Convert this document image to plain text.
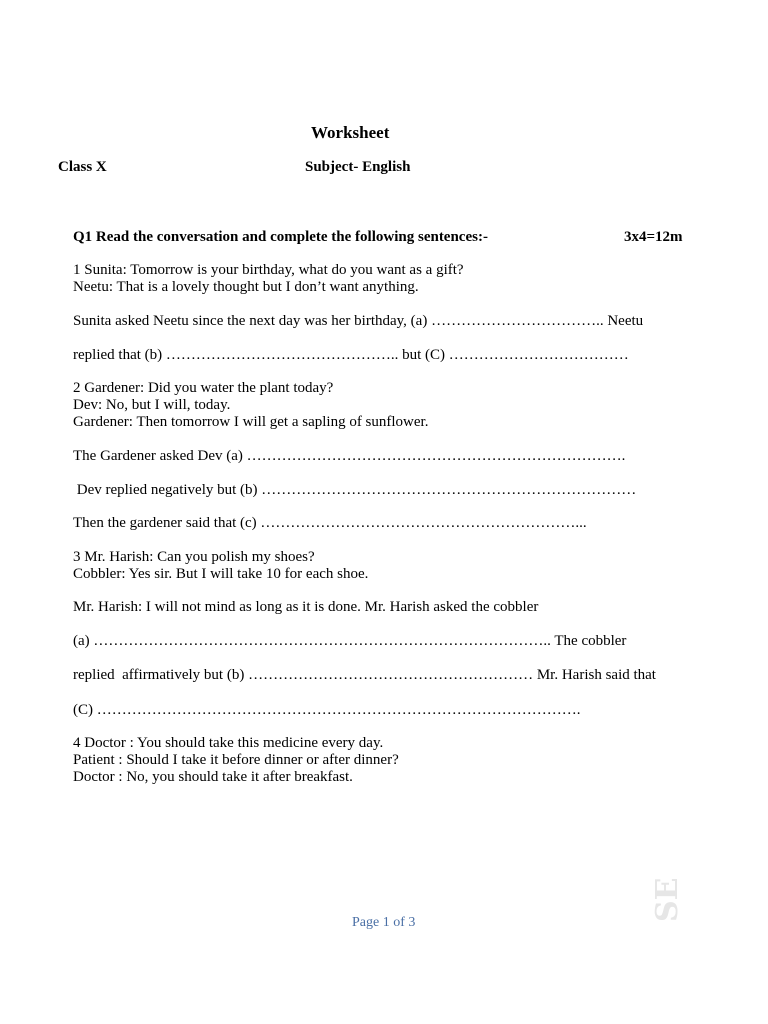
Worksheet
Class X	Subject- English
Q1 Read the conversation and complete the following sentences:-	3x4=12m
1 Sunita: Tomorrow is your birthday, what do you want as a gift?
Neetu: That is a lovely thought but I don’t want anything.
Sunita asked Neetu since the next day was her birthday, (a) …………………………….. Neetu
replied that (b) ……………………………………….. but (C) ………………………………
2 Gardener: Did you water the plant today?
Dev: No, but I will, today.
Gardener: Then tomorrow I will get a sapling of sunflower.
The Gardener asked Dev (a) ………………………………………………………………….
Dev replied negatively but (b) …………………………………………………………………
Then the gardener said that (c) ………………………………………………………...
3 Mr. Harish: Can you polish my shoes?
Cobbler: Yes sir. But I will take 10 for each shoe.
Mr. Harish: I will not mind as long as it is done. Mr. Harish asked the cobbler
(a) ……………………………………………………………………………….. The cobbler
replied  affirmatively but (b) ………………………………………………… Mr. Harish said that
(C) …………………………………………………………………………………….
4 Doctor : You should take this medicine every day.
Patient : Should I take it before dinner or after dinner?
Doctor : No, you should take it after breakfast.
Page 1 of 3
SE
